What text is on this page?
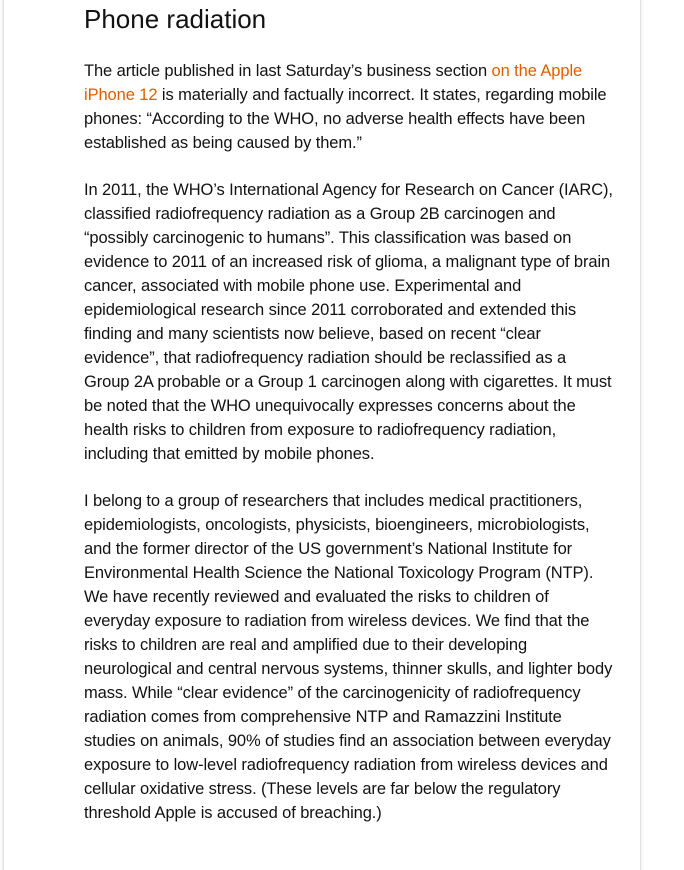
Phone radiation

The article published in last Saturday’s business section on the Apple iPhone 12 is materially and factually incorrect. It states, regarding mobile phones: “According to the WHO, no adverse health effects have been established as being caused by them.”

In 2011, the WHO’s International Agency for Research on Cancer (IARC), classified radiofrequency radiation as a Group 2B carcinogen and “possibly carcinogenic to humans”. This classification was based on evidence to 2011 of an increased risk of glioma, a malignant type of brain cancer, associated with mobile phone use. Experimental and epidemiological research since 2011 corroborated and extended this finding and many scientists now believe, based on recent “clear evidence”, that radiofrequency radiation should be reclassified as a Group 2A probable or a Group 1 carcinogen along with cigarettes. It must be noted that the WHO unequivocally expresses concerns about the health risks to children from exposure to radiofrequency radiation, including that emitted by mobile phones.

I belong to a group of researchers that includes medical practitioners, epidemiologists, oncologists, physicists, bioengineers, microbiologists, and the former director of the US government’s National Institute for Environmental Health Science the National Toxicology Program (NTP). We have recently reviewed and evaluated the risks to children of everyday exposure to radiation from wireless devices. We find that the risks to children are real and amplified due to their developing neurological and central nervous systems, thinner skulls, and lighter body mass. While “clear evidence” of the carcinogenicity of radiofrequency radiation comes from comprehensive NTP and Ramazzini Institute studies on animals, 90% of studies find an association between everyday exposure to low-level radiofrequency radiation from wireless devices and cellular oxidative stress. (These levels are far below the regulatory threshold Apple is accused of breaching.)
